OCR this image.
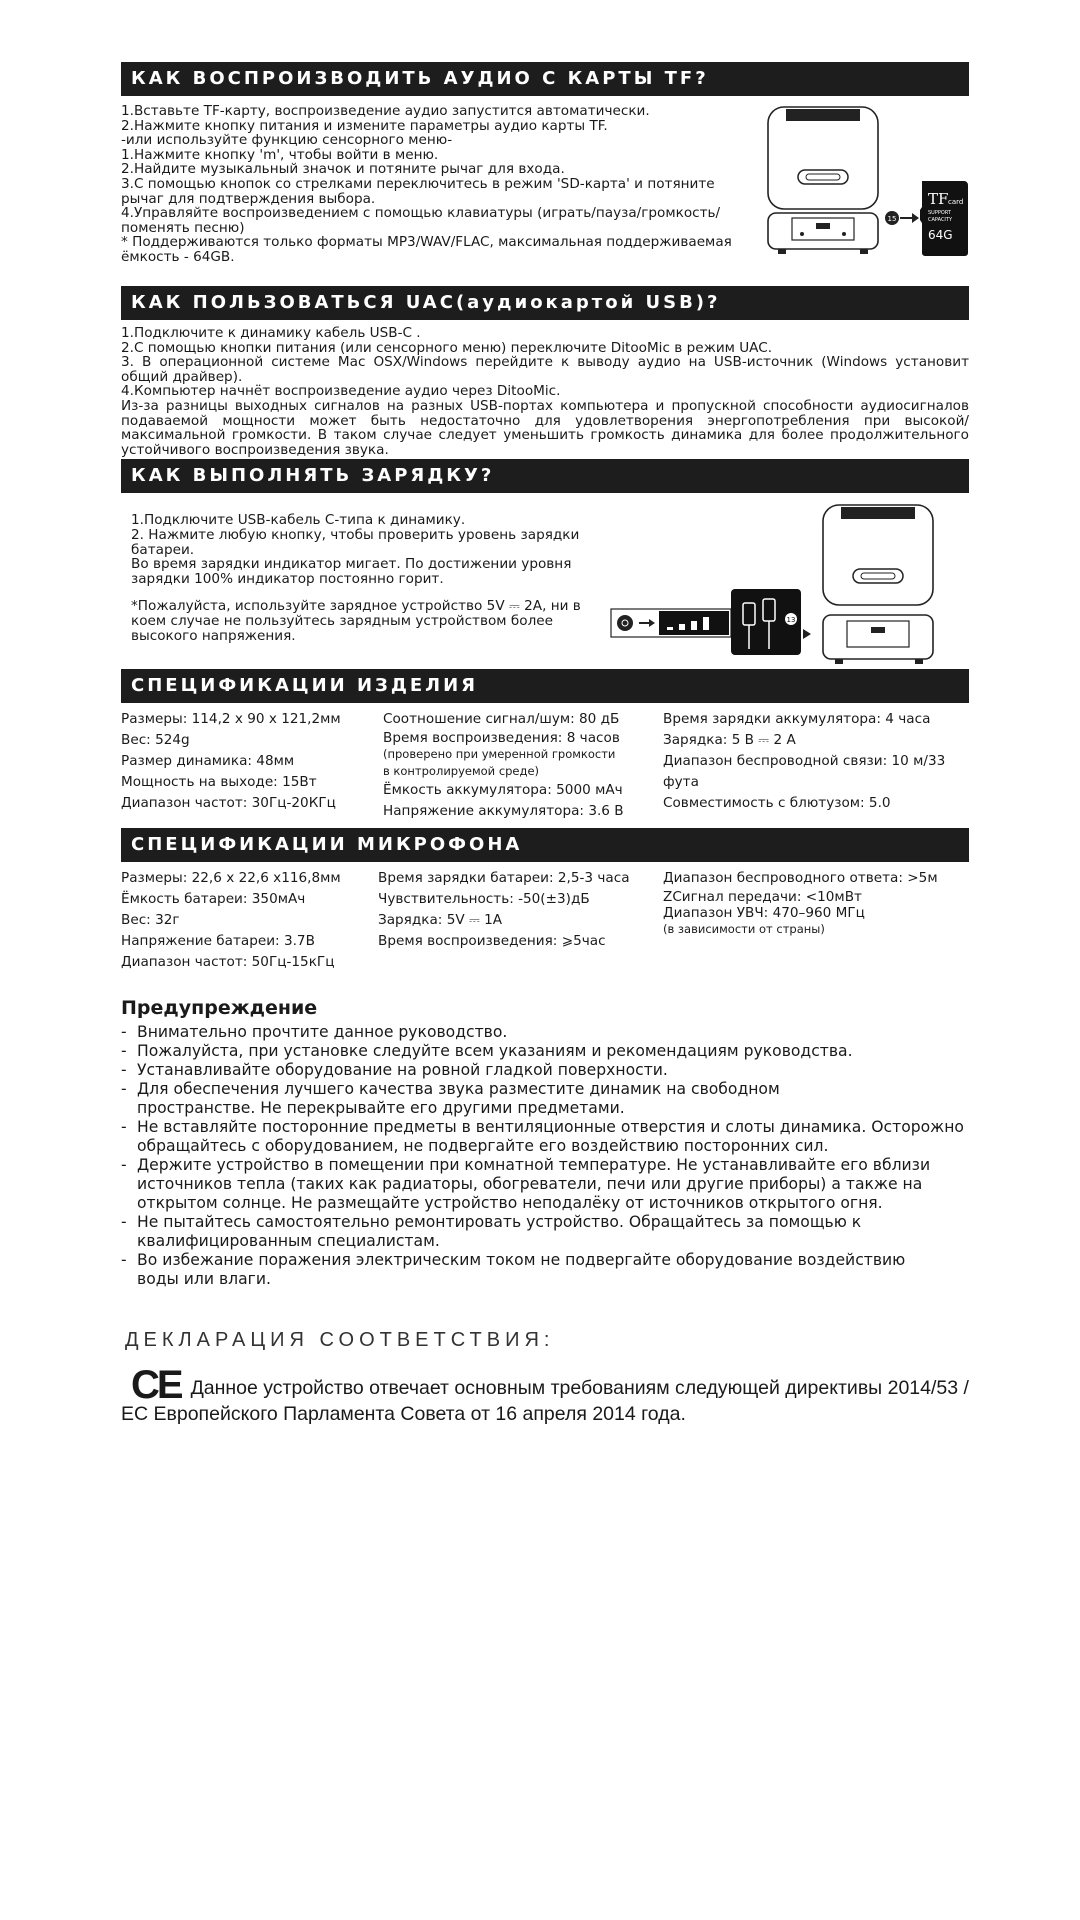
КАК ВОСПРОИЗВОДИТЬ АУДИО С КАРТЫ TF?
1.Вставьте TF-карту, воспроизведение аудио запустится автоматически.
2.Нажмите кнопку питания и измените параметры аудио карты TF.
-или используйте функцию сенсорного меню-
1.Нажмите кнопку 'm', чтобы войти в меню.
2.Найдите музыкальный значок и потяните рычаг для входа.
3.С помощью кнопок со стрелками переключитесь в режим 'SD-карта' и потяните рычаг для подтверждения выбора.
4.Управляйте воспроизведением с помощью клавиатуры (играть/пауза/громкость/поменять песню)
* Поддерживаются только форматы MP3/WAV/FLAC, максимальная поддерживаемая ёмкость - 64GB.
15
TF card
SUPPORT
CAPACITY
64G
КАК ПОЛЬЗОВАТЬСЯ UAC(аудиокартой USB)?
1.Подключите к динамику кабель USB-C .
2.С помощью кнопки питания (или сенсорного меню) переключите DitooMic в режим UAC.
3. В операционной системе Mac OSX/Windows перейдите к выводу аудио на USB-источник (Windows установит общий драйвер).
4.Компьютер начнёт воспроизведение аудио через DitooMic.
Из-за разницы выходных сигналов на разных USB-портах компьютера и пропускной способности аудиосигналов подаваемой мощности может быть недостаточно для удовлетворения энергопотребления при высокой/максимальной громкости. В таком случае следует уменьшить громкость динамика для более продолжительного устойчивого воспроизведения звука.
КАК ВЫПОЛНЯТЬ ЗАРЯДКУ?
1.Подключите USB-кабель С-типа к динамику.
2. Нажмите любую кнопку, чтобы проверить уровень зарядки батареи.
Во время зарядки индикатор мигает. По достижении уровня зарядки 100% индикатор постоянно горит.
*Пожалуйста, используйте зарядное устройство 5V ⎓ 2A, ни в коем случае не пользуйтесь зарядным устройством более высокого напряжения.
13
СПЕЦИФИКАЦИИ ИЗДЕЛИЯ
Размеры: 114,2 x 90 x 121,2мм
Вес: 524g
Размер динамика: 48мм
Мощность на выходе: 15Вт
Диапазон частот: 30Гц-20КГц
Соотношение сигнал/шум: 80 дБ
Время воспроизведения: 8 часов
(проверено при умеренной громкости
в контролируемой среде)
Ёмкость аккумулятора: 5000 мАч
Напряжение аккумулятора: 3.6 В
Время зарядки аккумулятора: 4 часа
Зарядка: 5 В ⎓ 2 А
Диапазон беспроводной связи: 10 м/33 фута
Совместимость с блютузом: 5.0
СПЕЦИФИКАЦИИ МИКРОФОНА
Размеры: 22,6 x 22,6 x116,8мм
Ёмкость батареи: 350мАч
Вес: 32г
Напряжение батареи: 3.7В
Диапазон частот: 50Гц-15кГц
Время зарядки батареи: 2,5-3 часа
Чувствительность: -50(±3)дБ
Зарядка: 5V ⎓ 1A
Время воспроизведения: ⩾5час
Диапазон беспроводного ответа: >5м
ZСигнал передачи: <10мВт
Диапазон УВЧ: 470–960 МГц
(в зависимости от страны)
Предупреждение
- Внимательно прочтите данное руководство.
- Пожалуйста, при установке следуйте всем указаниям и рекомендациям руководства.
- Устанавливайте оборудование на ровной гладкой поверхности.
- Для обеспечения лучшего качества звука разместите динамик на свободном пространстве. Не перекрывайте его другими предметами.
- Не вставляйте посторонние предметы в вентиляционные отверстия и слоты динамика. Осторожно обращайтесь с оборудованием, не подвергайте его воздействию посторонних сил.
- Держите устройство в помещении при комнатной температуре. Не устанавливайте его вблизи источников тепла (таких как радиаторы, обогреватели, печи или другие приборы) а также на открытом солнце. Не размещайте устройство неподалёку от источников открытого огня.
- Не пытайтесь самостоятельно ремонтировать устройство. Обращайтесь за помощью к квалифицированным специалистам.
- Во избежание поражения электрическим током не подвергайте оборудование воздействию воды или влаги.
ДЕКЛАРАЦИЯ СООТВЕТСТВИЯ:
CE Данное устройство отвечает основным требованиям следующей директивы 2014/53 / ЕС Европейского Парламента Совета от 16 апреля 2014 года.
